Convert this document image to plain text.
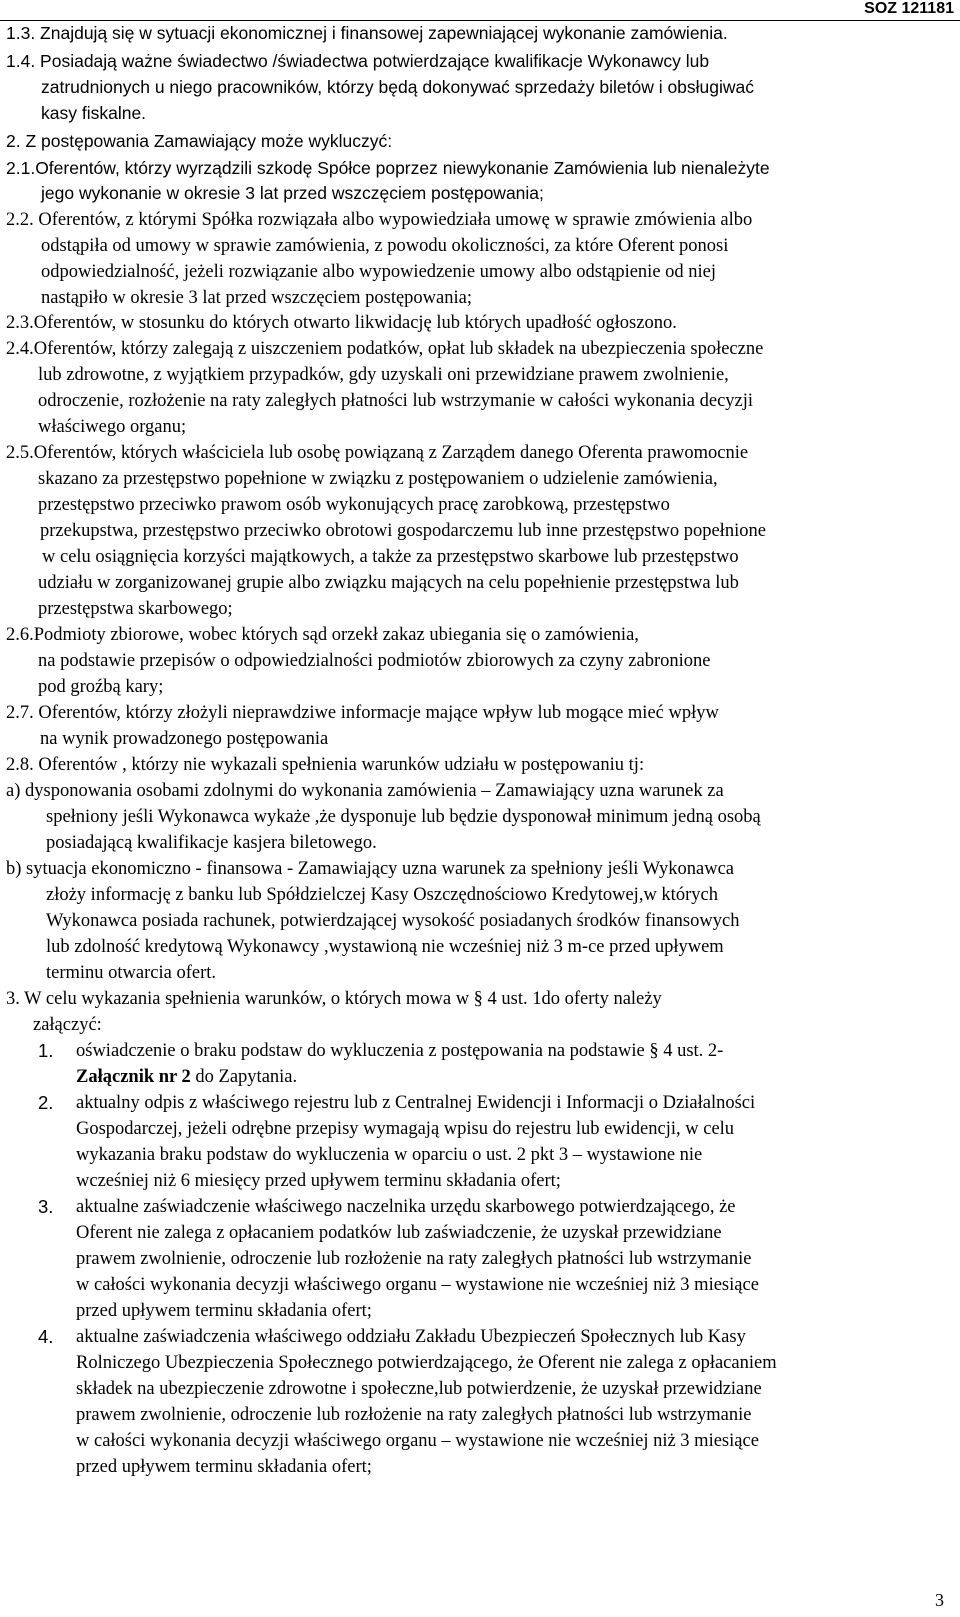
SOZ 121181
1.3. Znajdują się w sytuacji ekonomicznej i finansowej zapewniającej wykonanie zamówienia.
1.4. Posiadają ważne świadectwo /świadectwa potwierdzające kwalifikacje Wykonawcy lub
zatrudnionych u niego pracowników, którzy będą dokonywać sprzedaży biletów i obsługiwać
kasy fiskalne.
2. Z postępowania Zamawiający może wykluczyć:
2.1.Oferentów, którzy wyrządzili szkodę Spółce poprzez niewykonanie Zamówienia lub nienależyte
jego wykonanie w okresie 3 lat przed wszczęciem postępowania;
2.2. Oferentów, z którymi Spółka rozwiązała albo wypowiedziała umowę w sprawie zmówienia albo
odstąpiła od umowy w sprawie zamówienia, z powodu okoliczności, za które Oferent ponosi
odpowiedzialność, jeżeli rozwiązanie albo wypowiedzenie umowy albo odstąpienie od niej
nastąpiło w okresie 3 lat przed wszczęciem postępowania;
2.3.Oferentów, w stosunku do których otwarto likwidację lub których upadłość ogłoszono.
2.4.Oferentów, którzy zalegają z uiszczeniem podatków, opłat lub składek na ubezpieczenia społeczne
lub zdrowotne, z wyjątkiem przypadków, gdy uzyskali oni przewidziane prawem zwolnienie,
odroczenie, rozłożenie na raty zaległych płatności lub wstrzymanie w całości wykonania decyzji
właściwego organu;
2.5.Oferentów, których właściciela lub osobę powiązaną z Zarządem danego Oferenta prawomocnie
skazano za przestępstwo popełnione w związku z postępowaniem o udzielenie zamówienia,
przestępstwo przeciwko prawom osób wykonujących pracę zarobkową, przestępstwo
przekupstwa, przestępstwo przeciwko obrotowi gospodarczemu lub inne przestępstwo popełnione
w celu osiągnięcia korzyści majątkowych, a także za przestępstwo skarbowe lub przestępstwo
udziału w zorganizowanej grupie albo związku mających na celu popełnienie przestępstwa lub
przestępstwa skarbowego;
2.6.Podmioty zbiorowe, wobec których sąd orzekł zakaz ubiegania się o zamówienia,
na podstawie przepisów o odpowiedzialności podmiotów zbiorowych za czyny zabronione
pod groźbą kary;
2.7. Oferentów, którzy złożyli nieprawdziwe informacje mające wpływ lub mogące mieć wpływ
na wynik prowadzonego postępowania
2.8. Oferentów , którzy nie wykazali spełnienia warunków udziału w postępowaniu tj:
a) dysponowania osobami zdolnymi do wykonania zamówienia – Zamawiający uzna warunek za
spełniony jeśli Wykonawca wykaże ,że dysponuje lub będzie dysponował minimum jedną osobą
posiadającą kwalifikacje kasjera biletowego.
b) sytuacja ekonomiczno - finansowa - Zamawiający uzna warunek za spełniony jeśli Wykonawca
złoży informację z banku lub Spółdzielczej Kasy Oszczędnościowo Kredytowej,w których
Wykonawca posiada rachunek, potwierdzającej wysokość posiadanych środków finansowych
lub zdolność kredytową Wykonawcy ,wystawioną nie wcześniej niż 3 m-ce przed upływem
terminu otwarcia ofert.
3. W celu wykazania spełnienia warunków, o których mowa w § 4 ust. 1do oferty należy
załączyć:
oświadczenie o braku podstaw do wykluczenia z postępowania na podstawie § 4 ust. 2-
aktualny odpis z właściwego rejestru lub z Centralnej Ewidencji i Informacji o Działalności
Gospodarczej, jeżeli odrębne przepisy wymagają wpisu do rejestru lub ewidencji, w celu
wykazania braku podstaw do wykluczenia w oparciu o ust. 2 pkt 3 – wystawione nie
wcześniej niż 6 miesięcy przed upływem terminu składania ofert;
aktualne zaświadczenie właściwego naczelnika urzędu skarbowego potwierdzającego, że
Oferent nie zalega z opłacaniem podatków lub zaświadczenie, że uzyskał przewidziane
prawem zwolnienie, odroczenie lub rozłożenie na raty zaległych płatności lub wstrzymanie
w całości wykonania decyzji właściwego organu – wystawione nie wcześniej niż 3 miesiące
przed upływem terminu składania ofert;
aktualne zaświadczenia właściwego oddziału Zakładu Ubezpieczeń Społecznych lub Kasy
Rolniczego Ubezpieczenia Społecznego potwierdzającego, że Oferent nie zalega z opłacaniem
składek na ubezpieczenie zdrowotne i społeczne,lub potwierdzenie, że uzyskał przewidziane
prawem zwolnienie, odroczenie lub rozłożenie na raty zaległych płatności lub wstrzymanie
w całości wykonania decyzji właściwego organu – wystawione nie wcześniej niż 3 miesiące
przed upływem terminu składania ofert;
Załącznik nr 2 do Zapytania.
1.
2.
3.
4.
3
